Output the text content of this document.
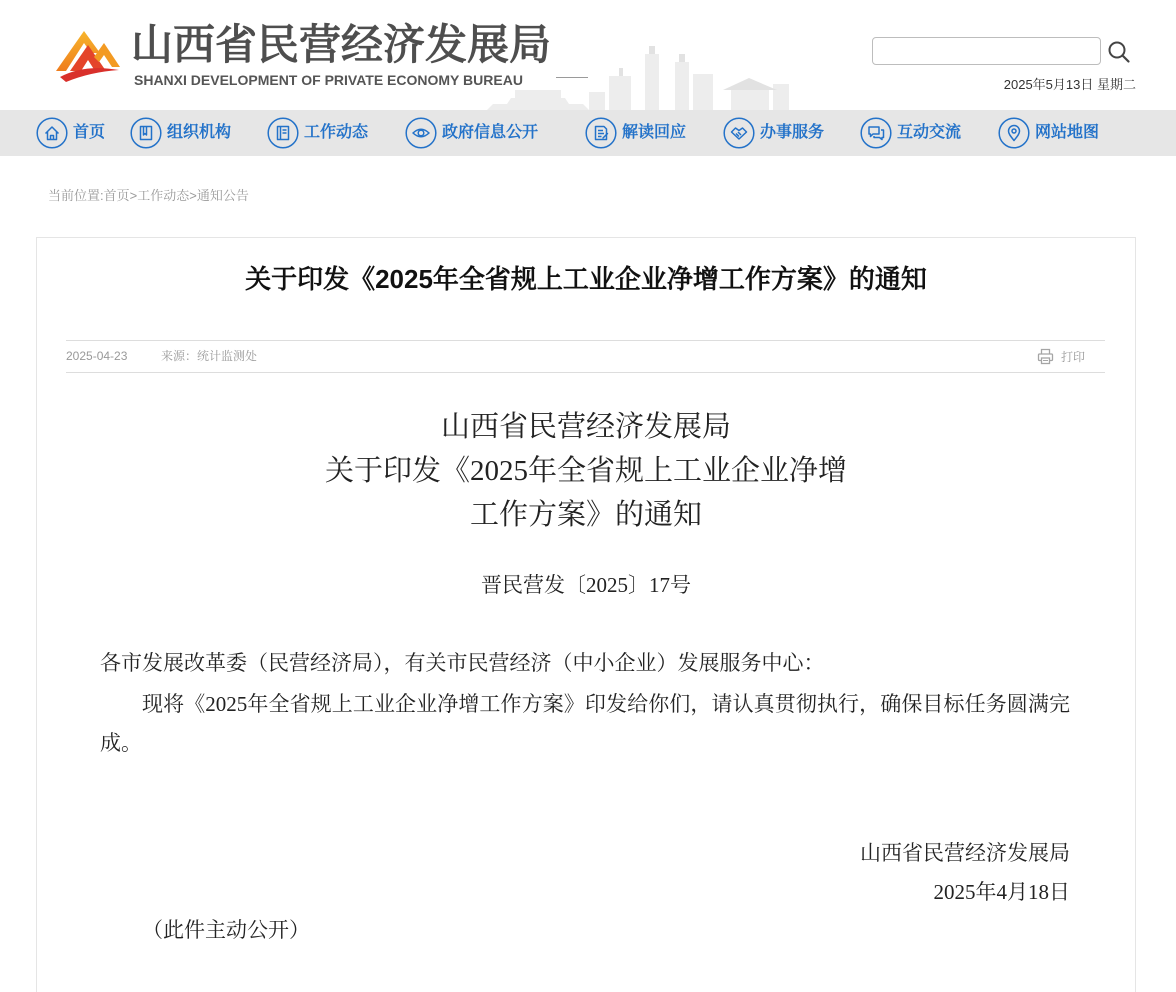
山西省民营经济发展局
SHANXI DEVELOPMENT OF PRIVATE ECONOMY BUREAU	2025年5月13日 星期二
首页	组织机构	工作动态	政府信息公开	解读回应	办事服务	互动交流	网站地图
当前位置:首页>工作动态>通知公告
关于印发《2025年全省规上工业企业净增工作方案》的通知
2025-04-23	来源：统计监测处	打印
山西省民营经济发展局
关于印发《2025年全省规上工业企业净增
工作方案》的通知
晋民营发〔2025〕17号
各市发展改革委（民营经济局），有关市民营经济（中小企业）发展服务中心：
现将《2025年全省规上工业企业净增工作方案》印发给你们，请认真贯彻执行，确保目标任务圆满完成。
山西省民营经济发展局
2025年4月18日
（此件主动公开）
